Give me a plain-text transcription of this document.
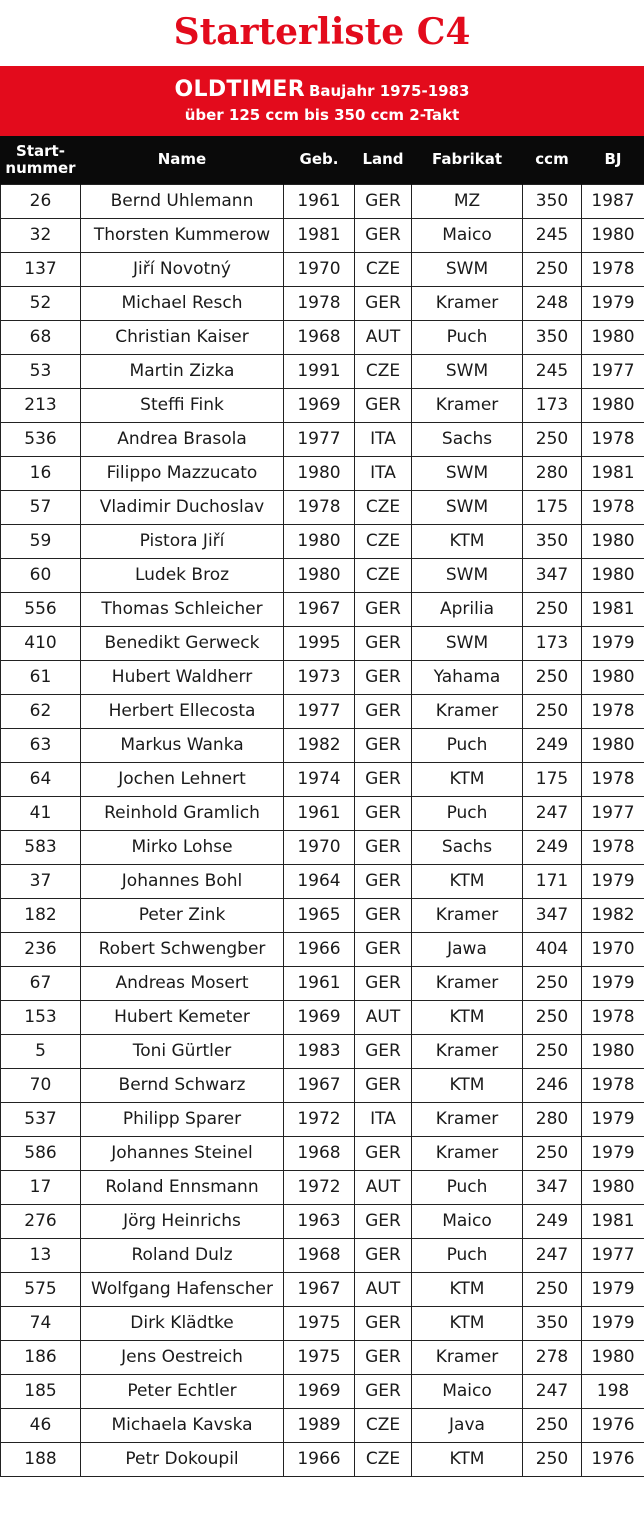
Starterliste C4
OLDTIMER Baujahr 1975-1983
über 125 ccm bis 350 ccm 2-Takt
Start-
nummer	Name	Geb.	Land	Fabrikat	ccm	BJ
26	Bernd Uhlemann	1961	GER	MZ	350	1987
32	Thorsten Kummerow	1981	GER	Maico	245	1980
137	Jiří Novotný	1970	CZE	SWM	250	1978
52	Michael Resch	1978	GER	Kramer	248	1979
68	Christian Kaiser	1968	AUT	Puch	350	1980
53	Martin Zizka	1991	CZE	SWM	245	1977
213	Steffi Fink	1969	GER	Kramer	173	1980
536	Andrea Brasola	1977	ITA	Sachs	250	1978
16	Filippo Mazzucato	1980	ITA	SWM	280	1981
57	Vladimir Duchoslav	1978	CZE	SWM	175	1978
59	Pistora Jiří	1980	CZE	KTM	350	1980
60	Ludek Broz	1980	CZE	SWM	347	1980
556	Thomas Schleicher	1967	GER	Aprilia	250	1981
410	Benedikt Gerweck	1995	GER	SWM	173	1979
61	Hubert Waldherr	1973	GER	Yahama	250	1980
62	Herbert Ellecosta	1977	GER	Kramer	250	1978
63	Markus Wanka	1982	GER	Puch	249	1980
64	Jochen Lehnert	1974	GER	KTM	175	1978
41	Reinhold Gramlich	1961	GER	Puch	247	1977
583	Mirko Lohse	1970	GER	Sachs	249	1978
37	Johannes Bohl	1964	GER	KTM	171	1979
182	Peter Zink	1965	GER	Kramer	347	1982
236	Robert Schwengber	1966	GER	Jawa	404	1970
67	Andreas Mosert	1961	GER	Kramer	250	1979
153	Hubert Kemeter	1969	AUT	KTM	250	1978
5	Toni Gürtler	1983	GER	Kramer	250	1980
70	Bernd Schwarz	1967	GER	KTM	246	1978
537	Philipp Sparer	1972	ITA	Kramer	280	1979
586	Johannes Steinel	1968	GER	Kramer	250	1979
17	Roland Ennsmann	1972	AUT	Puch	347	1980
276	Jörg Heinrichs	1963	GER	Maico	249	1981
13	Roland Dulz	1968	GER	Puch	247	1977
575	Wolfgang Hafenscher	1967	AUT	KTM	250	1979
74	Dirk Klädtke	1975	GER	KTM	350	1979
186	Jens Oestreich	1975	GER	Kramer	278	1980
185	Peter Echtler	1969	GER	Maico	247	198
46	Michaela Kavska	1989	CZE	Java	250	1976
188	Petr Dokoupil	1966	CZE	KTM	250	1976
